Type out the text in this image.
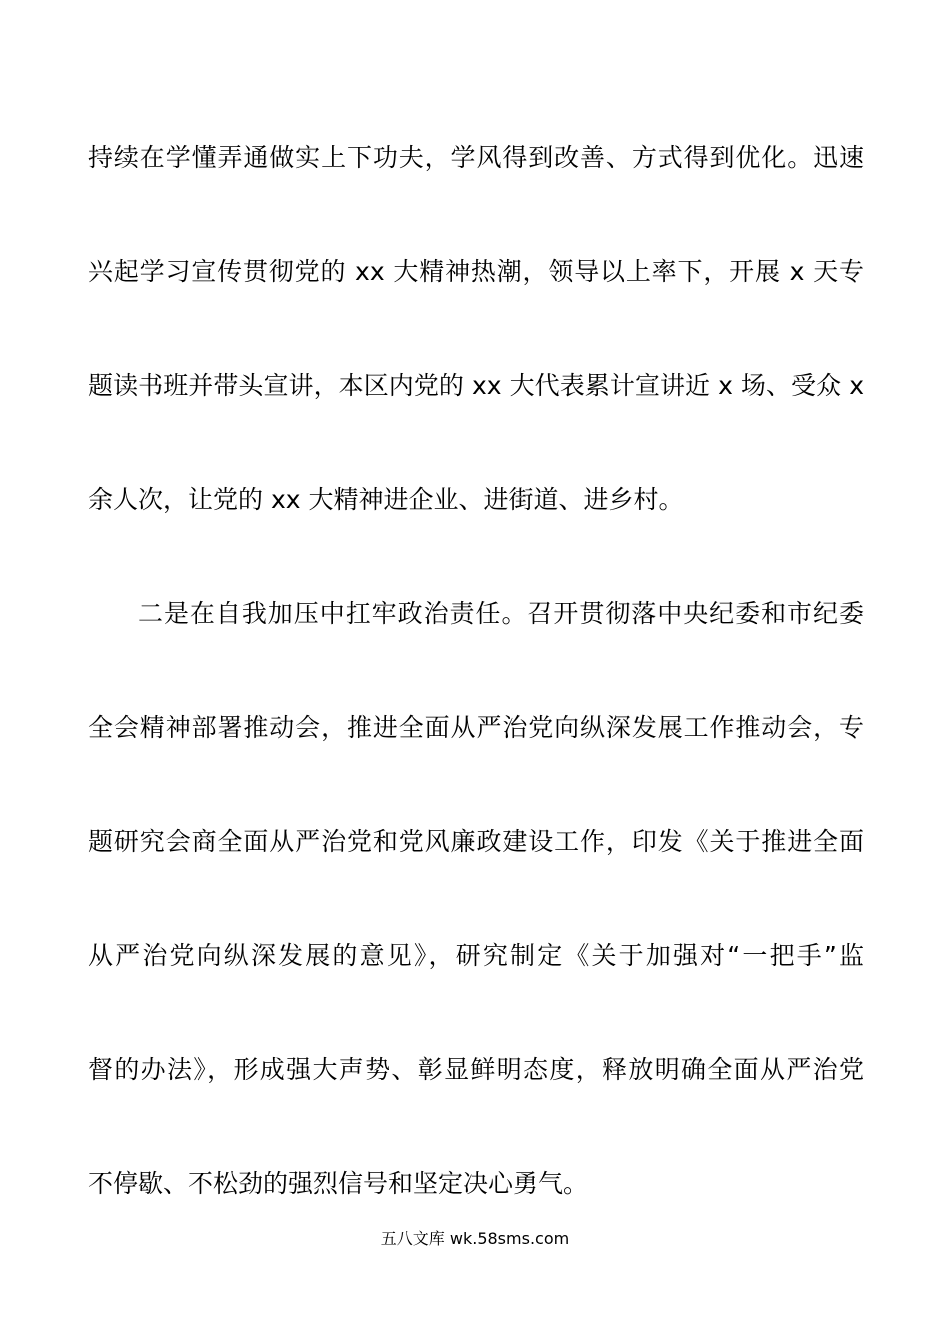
持续在学懂弄通做实上下功夫，学风得到改善、方式得到优化。迅速
兴起学习宣传贯彻党的 xx 大精神热潮，领导以上率下，开展 x 天专
题读书班并带头宣讲，本区内党的 xx 大代表累计宣讲近 x 场、受众 x
余人次，让党的 xx 大精神进企业、进街道、进乡村。
二是在自我加压中扛牢政治责任。召开贯彻落中央纪委和市纪委
全会精神部署推动会，推进全面从严治党向纵深发展工作推动会，专
题研究会商全面从严治党和党风廉政建设工作，印发《关于推进全面
从严治党向纵深发展的意见》，研究制定《关于加强对“一把手”监
督的办法》，形成强大声势、彰显鲜明态度，释放明确全面从严治党
不停歇、不松劲的强烈信号和坚定决心勇气。
五八文库 wk.58sms.com
